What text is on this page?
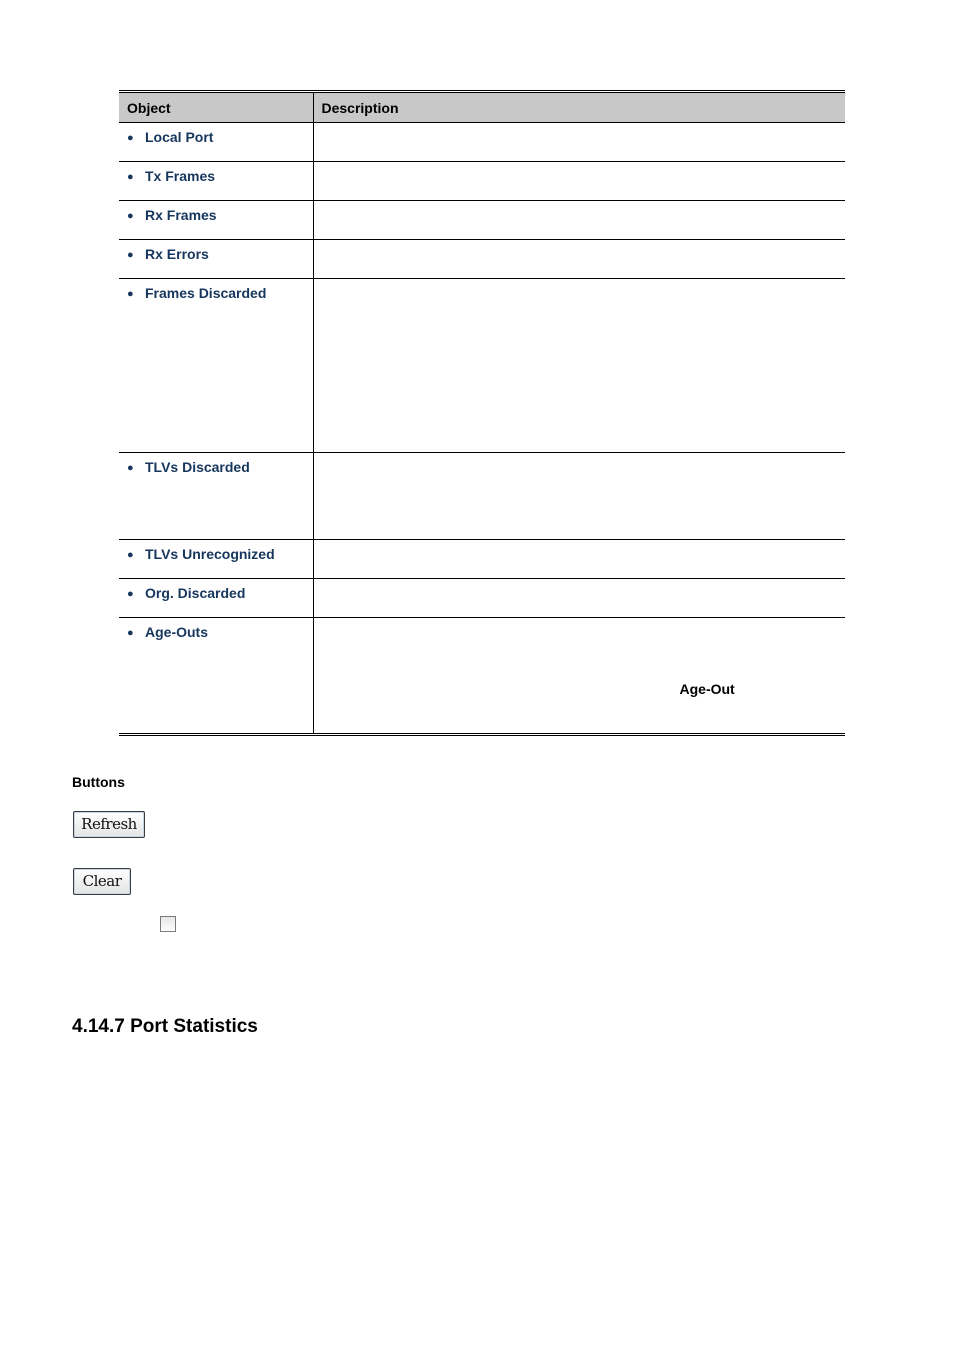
Object	Description
● Local Port	
● Tx Frames	
● Rx Frames	
● Rx Errors	
● Frames Discarded	
● TLVs Discarded	
● TLVs Unrecognized	
● Org. Discarded	
● Age-Outs	Age-Out
Buttons
Refresh
Clear
4.14.7 Port Statistics
